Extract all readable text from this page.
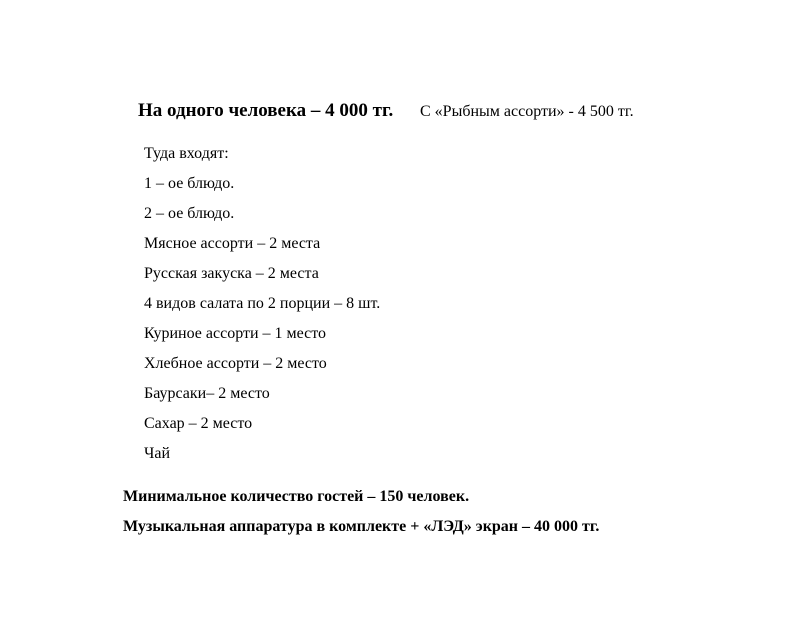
На одного человека – 4 000 тг. С «Рыбным ассорти» - 4 500 тг.
Туда входят:
1 – ое блюдо.
2 – ое блюдо.
Мясное ассорти – 2 места
Русская закуска – 2 места
4 видов салата по 2 порции – 8 шт.
Куриное ассорти – 1 место
Хлебное ассорти – 2 место
Баурсаки– 2 место
Сахар – 2 место
Чай
Минимальное количество гостей – 150 человек.
Музыкальная аппаратура в комплекте + «ЛЭД» экран – 40 000 тг.
